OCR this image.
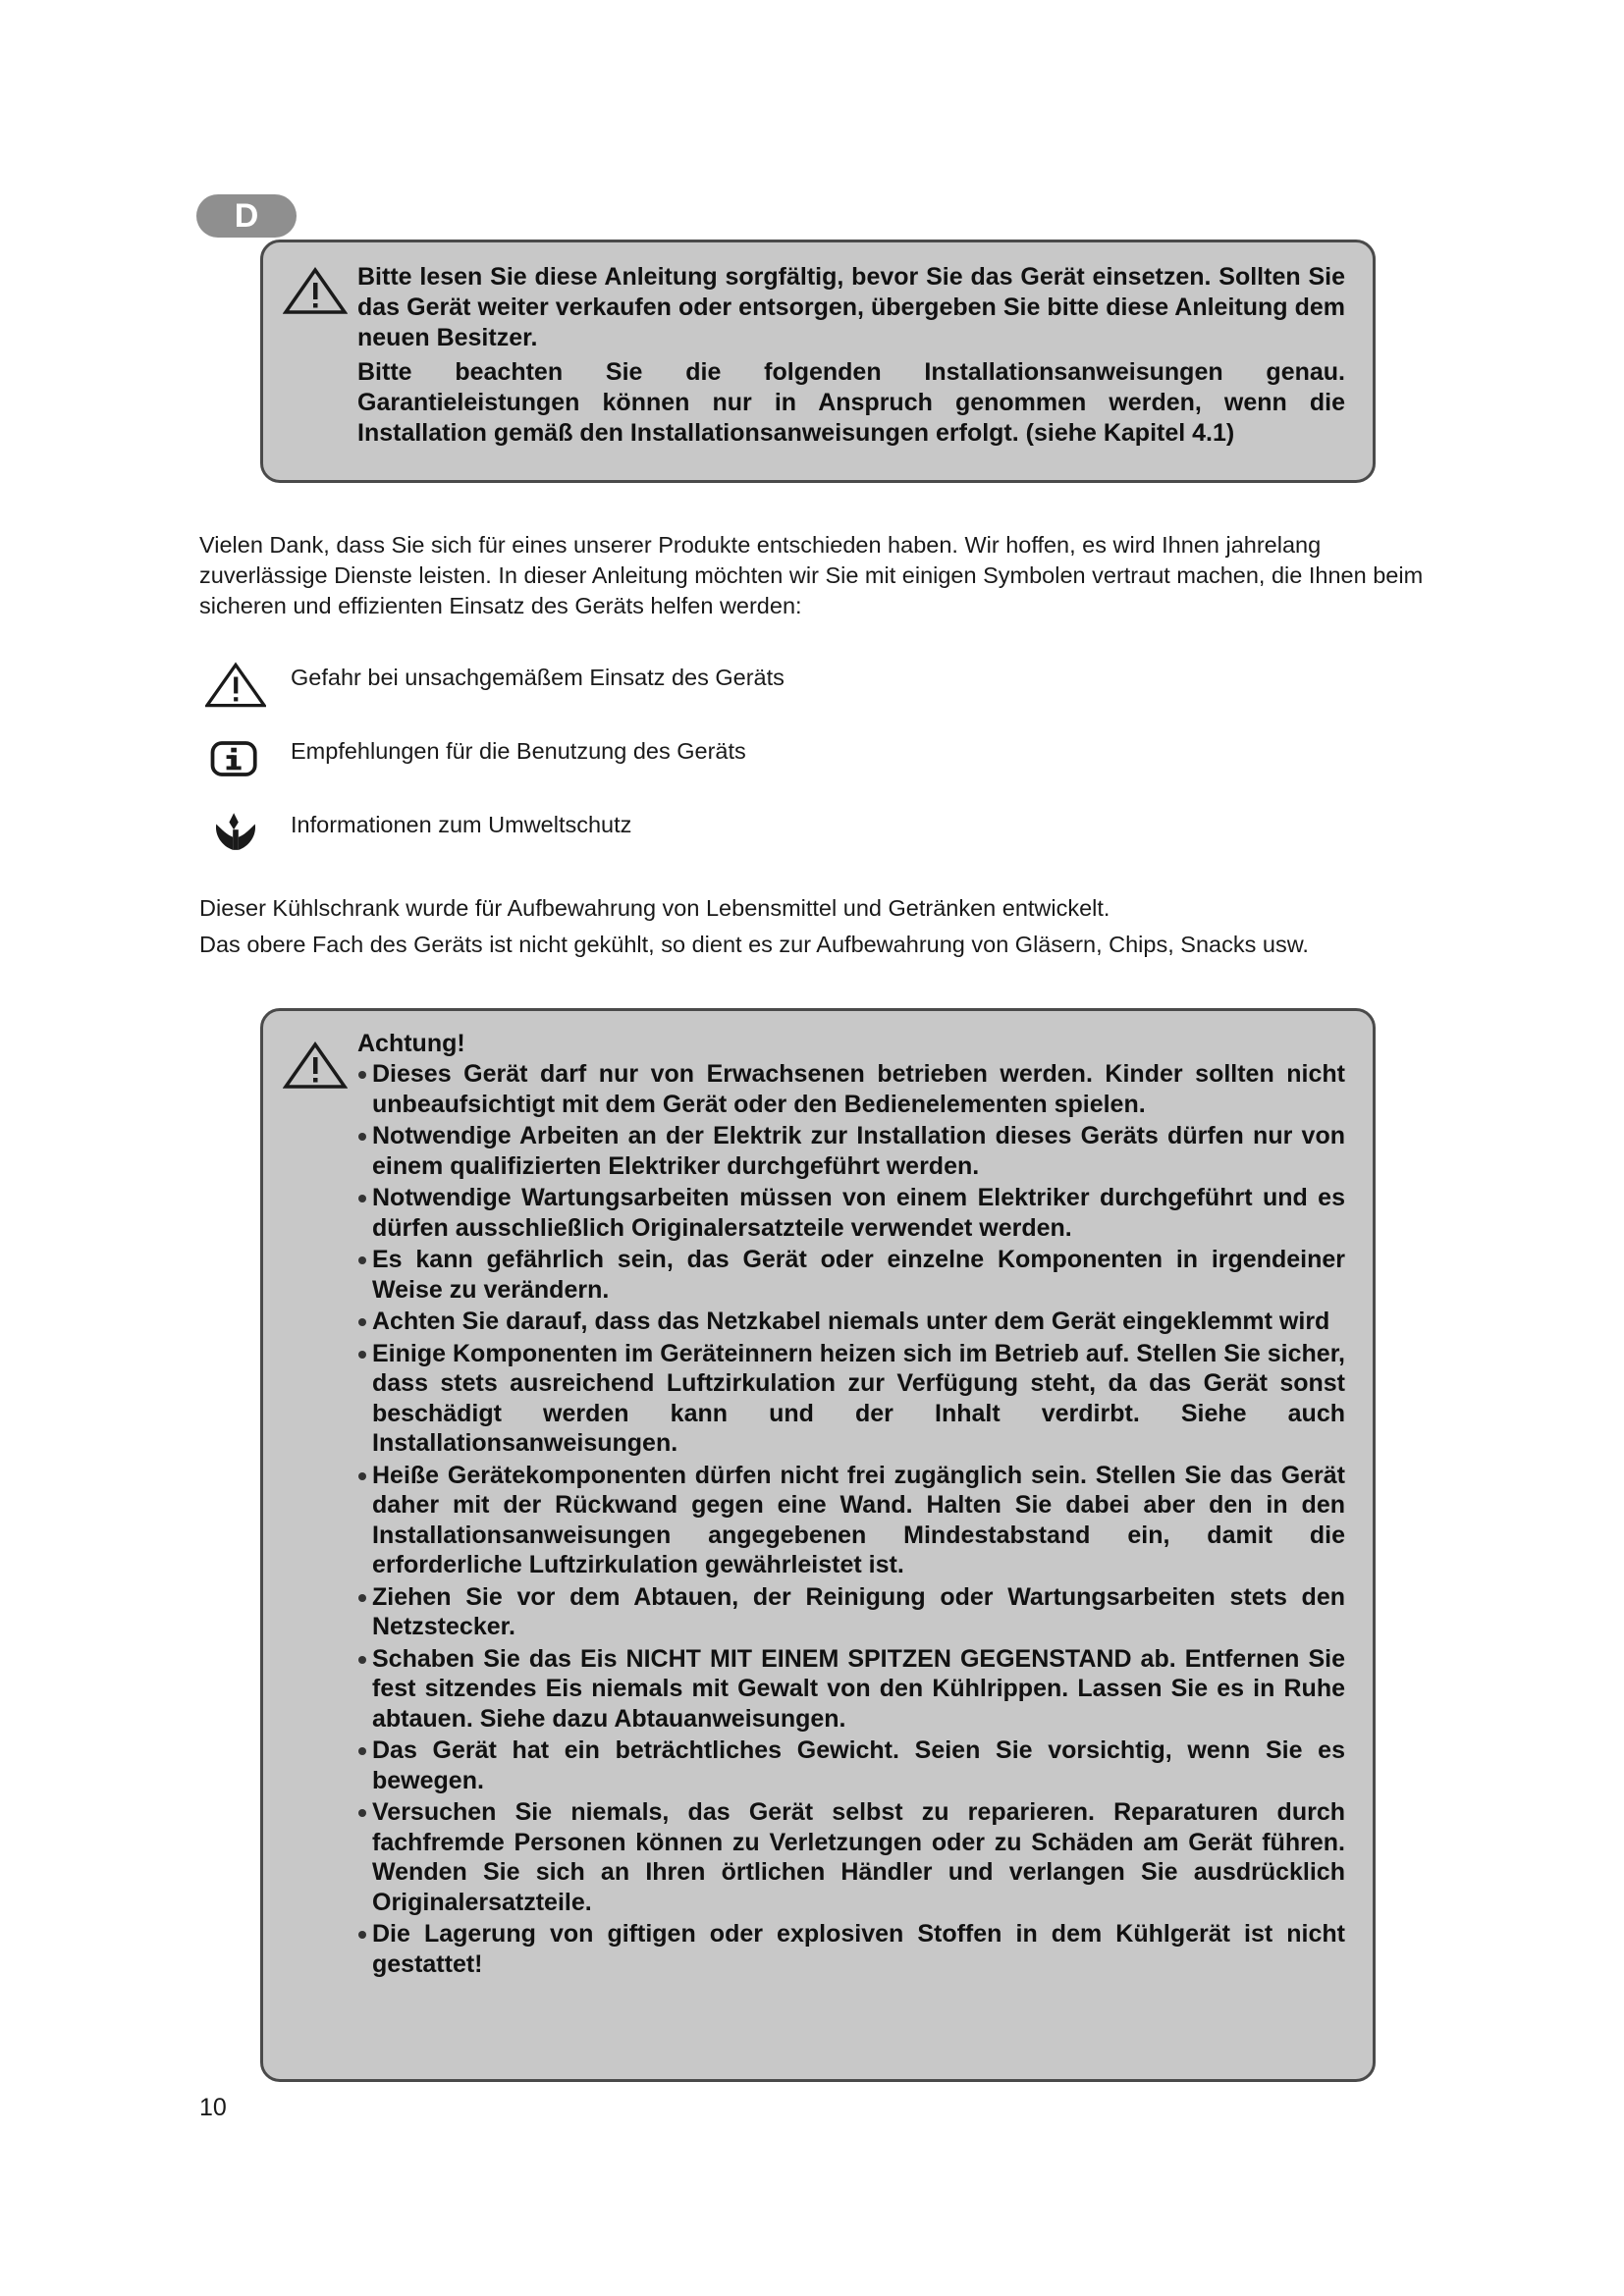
D

Bitte lesen Sie diese Anleitung sorgfältig, bevor Sie das Gerät einsetzen. Sollten Sie das Gerät weiter verkaufen oder entsorgen, übergeben Sie bitte diese Anleitung dem neuen Besitzer.

Bitte beachten Sie die folgenden Installationsanweisungen genau. Garantieleistungen können nur in Anspruch genommen werden, wenn die Installation gemäß den Installationsanweisungen erfolgt. (siehe Kapitel 4.1)

Vielen Dank, dass Sie sich für eines unserer Produkte entschieden haben. Wir hoffen, es wird Ihnen jahrelang zuverlässige Dienste leisten. In dieser Anleitung möchten wir Sie mit einigen Symbolen vertraut machen, die Ihnen beim sicheren und effizienten Einsatz des Geräts helfen werden:
Gefahr bei unsachgemäßem Einsatz des Geräts
Empfehlungen für die Benutzung des Geräts
Informationen zum Umweltschutz
Dieser Kühlschrank wurde für Aufbewahrung von Lebensmittel und Getränken entwickelt.
Das obere Fach des Geräts ist nicht gekühlt, so dient es zur Aufbewahrung von Gläsern, Chips, Snacks usw.

Achtung!

Dieses Gerät darf nur von Erwachsenen betrieben werden. Kinder sollten nicht unbeaufsichtigt mit dem Gerät oder den Bedienelementen spielen.
Notwendige Arbeiten an der Elektrik zur Installation dieses Geräts dürfen nur von einem qualifizierten Elektriker durchgeführt werden.
Notwendige Wartungsarbeiten müssen von einem Elektriker durchgeführt und es dürfen ausschließlich Originalersatzteile verwendet werden.
Es kann gefährlich sein, das Gerät oder einzelne Komponenten in irgendeiner Weise zu verändern.
Achten Sie darauf, dass das Netzkabel niemals unter dem Gerät eingeklemmt wird
Einige Komponenten im Geräteinnern heizen sich im Betrieb auf. Stellen Sie sicher, dass stets ausreichend Luftzirkulation zur Verfügung steht, da das Gerät sonst beschädigt werden kann und der Inhalt verdirbt. Siehe auch Installationsanweisungen.
Heiße Gerätekomponenten dürfen nicht frei zugänglich sein. Stellen Sie das Gerät daher mit der Rückwand gegen eine Wand. Halten Sie dabei aber den in den Installationsanweisungen angegebenen Mindestabstand ein, damit die erforderliche Luftzirkulation gewährleistet ist.
Ziehen Sie vor dem Abtauen, der Reinigung oder Wartungsarbeiten stets den Netzstecker.
Schaben Sie das Eis NICHT MIT EINEM SPITZEN GEGENSTAND ab. Entfernen Sie fest sitzendes Eis niemals mit Gewalt von den Kühlrippen. Lassen Sie es in Ruhe abtauen. Siehe dazu Abtauanweisungen.
Das Gerät hat ein beträchtliches Gewicht. Seien Sie vorsichtig, wenn Sie es bewegen.
Versuchen Sie niemals, das Gerät selbst zu reparieren. Reparaturen durch fachfremde Personen können zu Verletzungen oder zu Schäden am Gerät führen. Wenden Sie sich an Ihren örtlichen Händler und verlangen Sie ausdrücklich Originalersatzteile.
Die Lagerung von giftigen oder explosiven Stoffen in dem Kühlgerät ist nicht gestattet!
10
